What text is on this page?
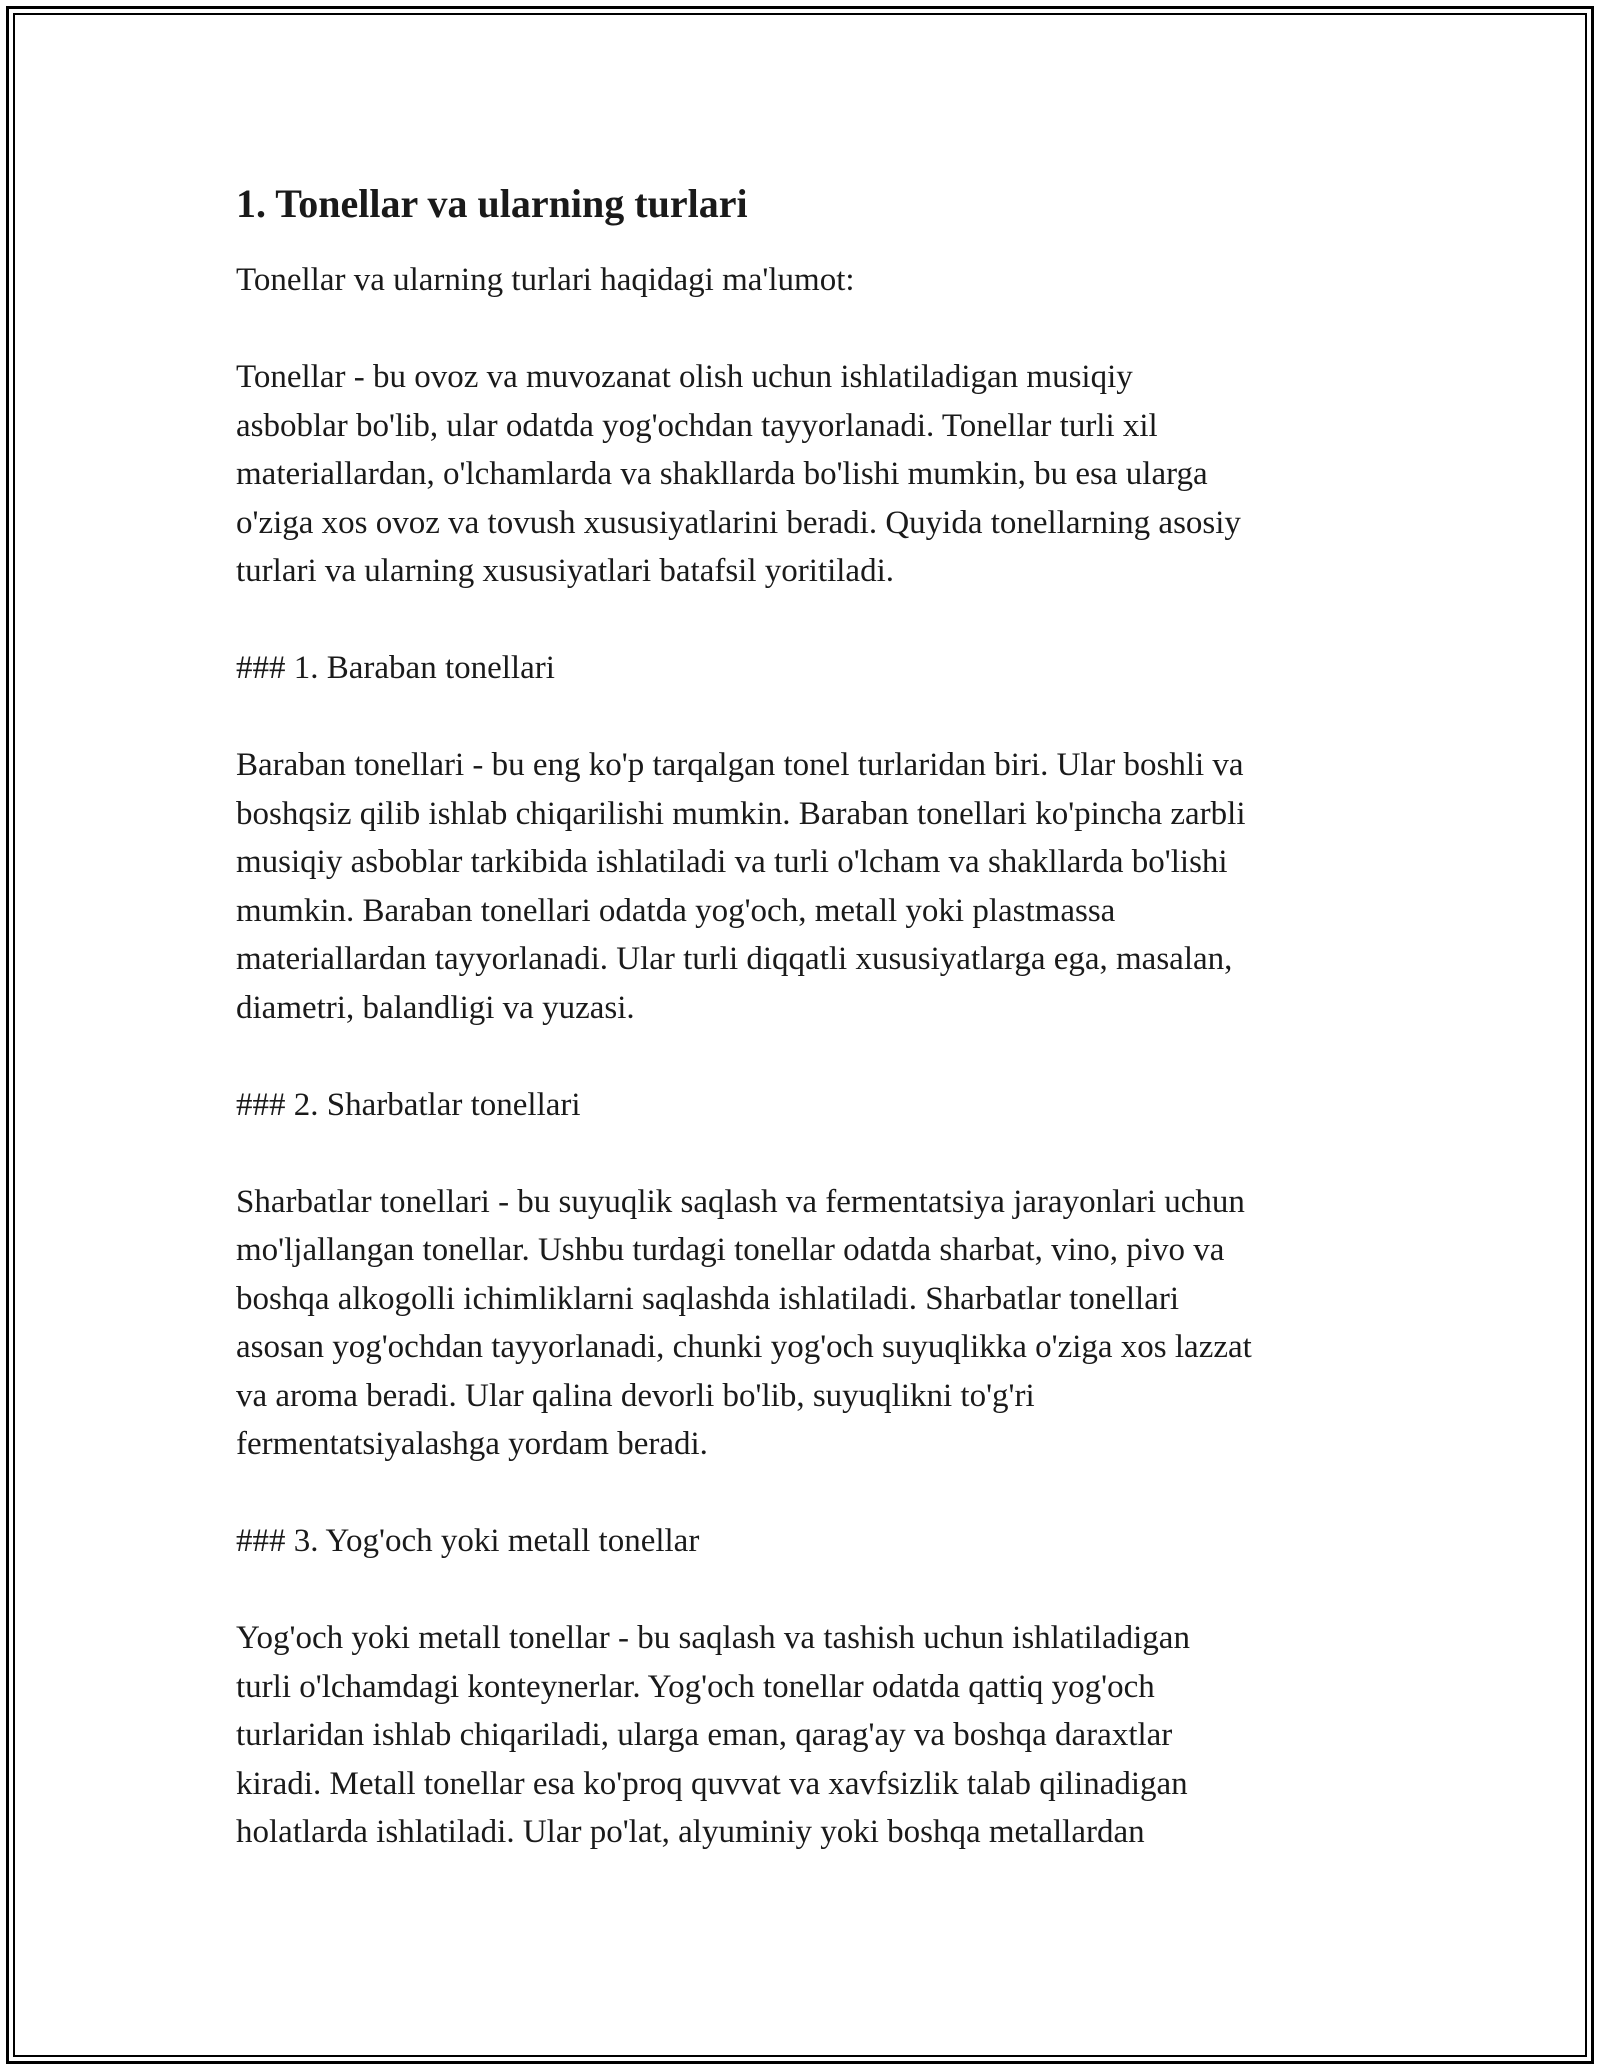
1. Tonellar va ularning turlari

Tonellar va ularning turlari haqidagi ma'lumot:

Tonellar - bu ovoz va muvozanat olish uchun ishlatiladigan musiqiy
asboblar bo'lib, ular odatda yog'ochdan tayyorlanadi. Tonellar turli xil
materiallardan, o'lchamlarda va shakllarda bo'lishi mumkin, bu esa ularga
o'ziga xos ovoz va tovush xususiyatlarini beradi. Quyida tonellarning asosiy
turlari va ularning xususiyatlari batafsil yoritiladi.

### 1. Baraban tonellari

Baraban tonellari - bu eng ko'p tarqalgan tonel turlaridan biri. Ular boshli va
boshqsiz qilib ishlab chiqarilishi mumkin. Baraban tonellari ko'pincha zarbli
musiqiy asboblar tarkibida ishlatiladi va turli o'lcham va shakllarda bo'lishi
mumkin. Baraban tonellari odatda yog'och, metall yoki plastmassa
materiallardan tayyorlanadi. Ular turli diqqatli xususiyatlarga ega, masalan,
diametri, balandligi va yuzasi.

### 2. Sharbatlar tonellari

Sharbatlar tonellari - bu suyuqlik saqlash va fermentatsiya jarayonlari uchun
mo'ljallangan tonellar. Ushbu turdagi tonellar odatda sharbat, vino, pivo va
boshqa alkogolli ichimliklarni saqlashda ishlatiladi. Sharbatlar tonellari
asosan yog'ochdan tayyorlanadi, chunki yog'och suyuqlikka o'ziga xos lazzat
va aroma beradi. Ular qalina devorli bo'lib, suyuqlikni to'g'ri
fermentatsiyalashga yordam beradi.

### 3. Yog'och yoki metall tonellar

Yog'och yoki metall tonellar - bu saqlash va tashish uchun ishlatiladigan
turli o'lchamdagi konteynerlar. Yog'och tonellar odatda qattiq yog'och
turlaridan ishlab chiqariladi, ularga eman, qarag'ay va boshqa daraxtlar
kiradi. Metall tonellar esa ko'proq quvvat va xavfsizlik talab qilinadigan
holatlarda ishlatiladi. Ular po'lat, alyuminiy yoki boshqa metallardan
